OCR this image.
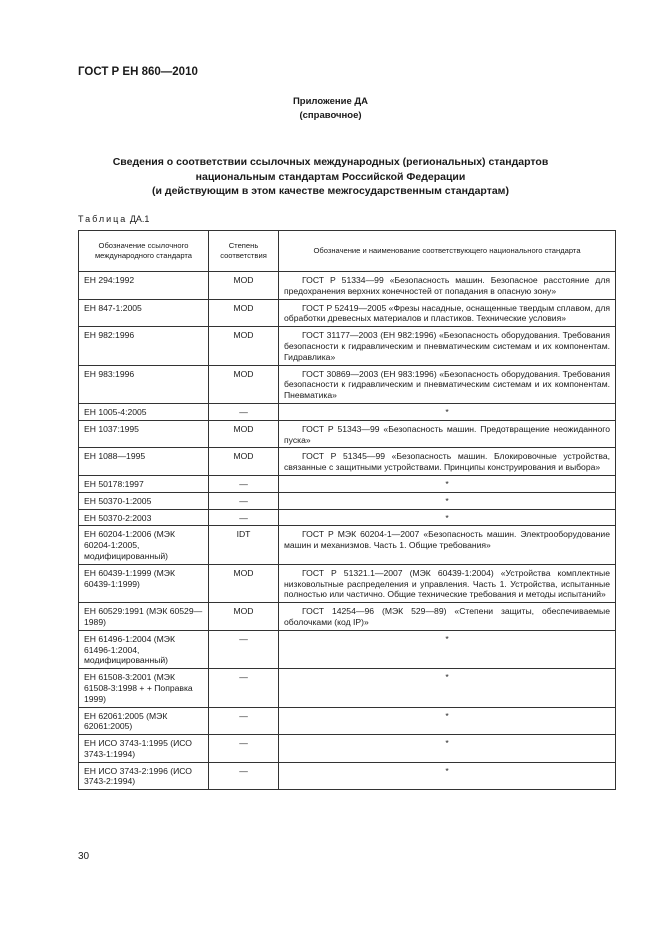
ГОСТ Р ЕН 860—2010
Приложение ДА
(справочное)
Сведения о соответствии ссылочных международных (региональных) стандартов
национальным стандартам Российской Федерации
(и действующим в этом качестве межгосударственным стандартам)
Таблица ДА.1
Обозначение ссылочного международного стандарта	Степень соответствия	Обозначение и наименование соответствующего национального стандарта
ЕН 294:1992	MOD	ГОСТ Р 51334—99 «Безопасность машин. Безопасное расстояние для предохранения верхних конечностей от попадания в опасную зону»
ЕН 847-1:2005	MOD	ГОСТ Р 52419—2005 «Фрезы насадные, оснащенные твердым сплавом, для обработки древесных материалов и пластиков. Технические условия»
ЕН 982:1996	MOD	ГОСТ 31177—2003 (ЕН 982:1996) «Безопасность оборудования. Требования безопасности к гидравлическим и пневматическим системам и их компонентам. Гидравлика»
ЕН 983:1996	MOD	ГОСТ 30869—2003 (ЕН 983:1996) «Безопасность оборудования. Требования безопасности к гидравлическим и пневматическим системам и их компонентам. Пневматика»
ЕН 1005-4:2005	—	*
ЕН 1037:1995	MOD	ГОСТ Р 51343—99 «Безопасность машин. Предотвращение неожиданного пуска»
ЕН 1088—1995	MOD	ГОСТ Р 51345—99 «Безопасность машин. Блокировочные устройства, связанные с защитными устройствами. Принципы конструирования и выбора»
ЕН 50178:1997	—	*
ЕН 50370-1:2005	—	*
ЕН 50370-2:2003	—	*
ЕН 60204-1:2006 (МЭК 60204-1:2005, модифицированный)	IDT	ГОСТ Р МЭК 60204-1—2007 «Безопасность машин. Электрооборудование машин и механизмов. Часть 1. Общие требования»
ЕН 60439-1:1999 (МЭК 60439-1:1999)	MOD	ГОСТ Р 51321.1—2007 (МЭК 60439-1:2004) «Устройства комплектные низковольтные распределения и управления. Часть 1. Устройства, испытанные полностью или частично. Общие технические требования и методы испытаний»
ЕН 60529:1991 (МЭК 60529—1989)	MOD	ГОСТ 14254—96 (МЭК 529—89) «Степени защиты, обеспечиваемые оболочками (код IP)»
ЕН 61496-1:2004 (МЭК 61496-1:2004, модифицированный)	—	*
ЕН 61508-3:2001 (МЭК 61508-3:1998 + + Поправка 1999)	—	*
ЕН 62061:2005 (МЭК 62061:2005)	—	*
ЕН ИСО 3743-1:1995 (ИСО 3743-1:1994)	—	*
ЕН ИСО 3743-2:1996 (ИСО 3743-2:1994)	—	*
30
